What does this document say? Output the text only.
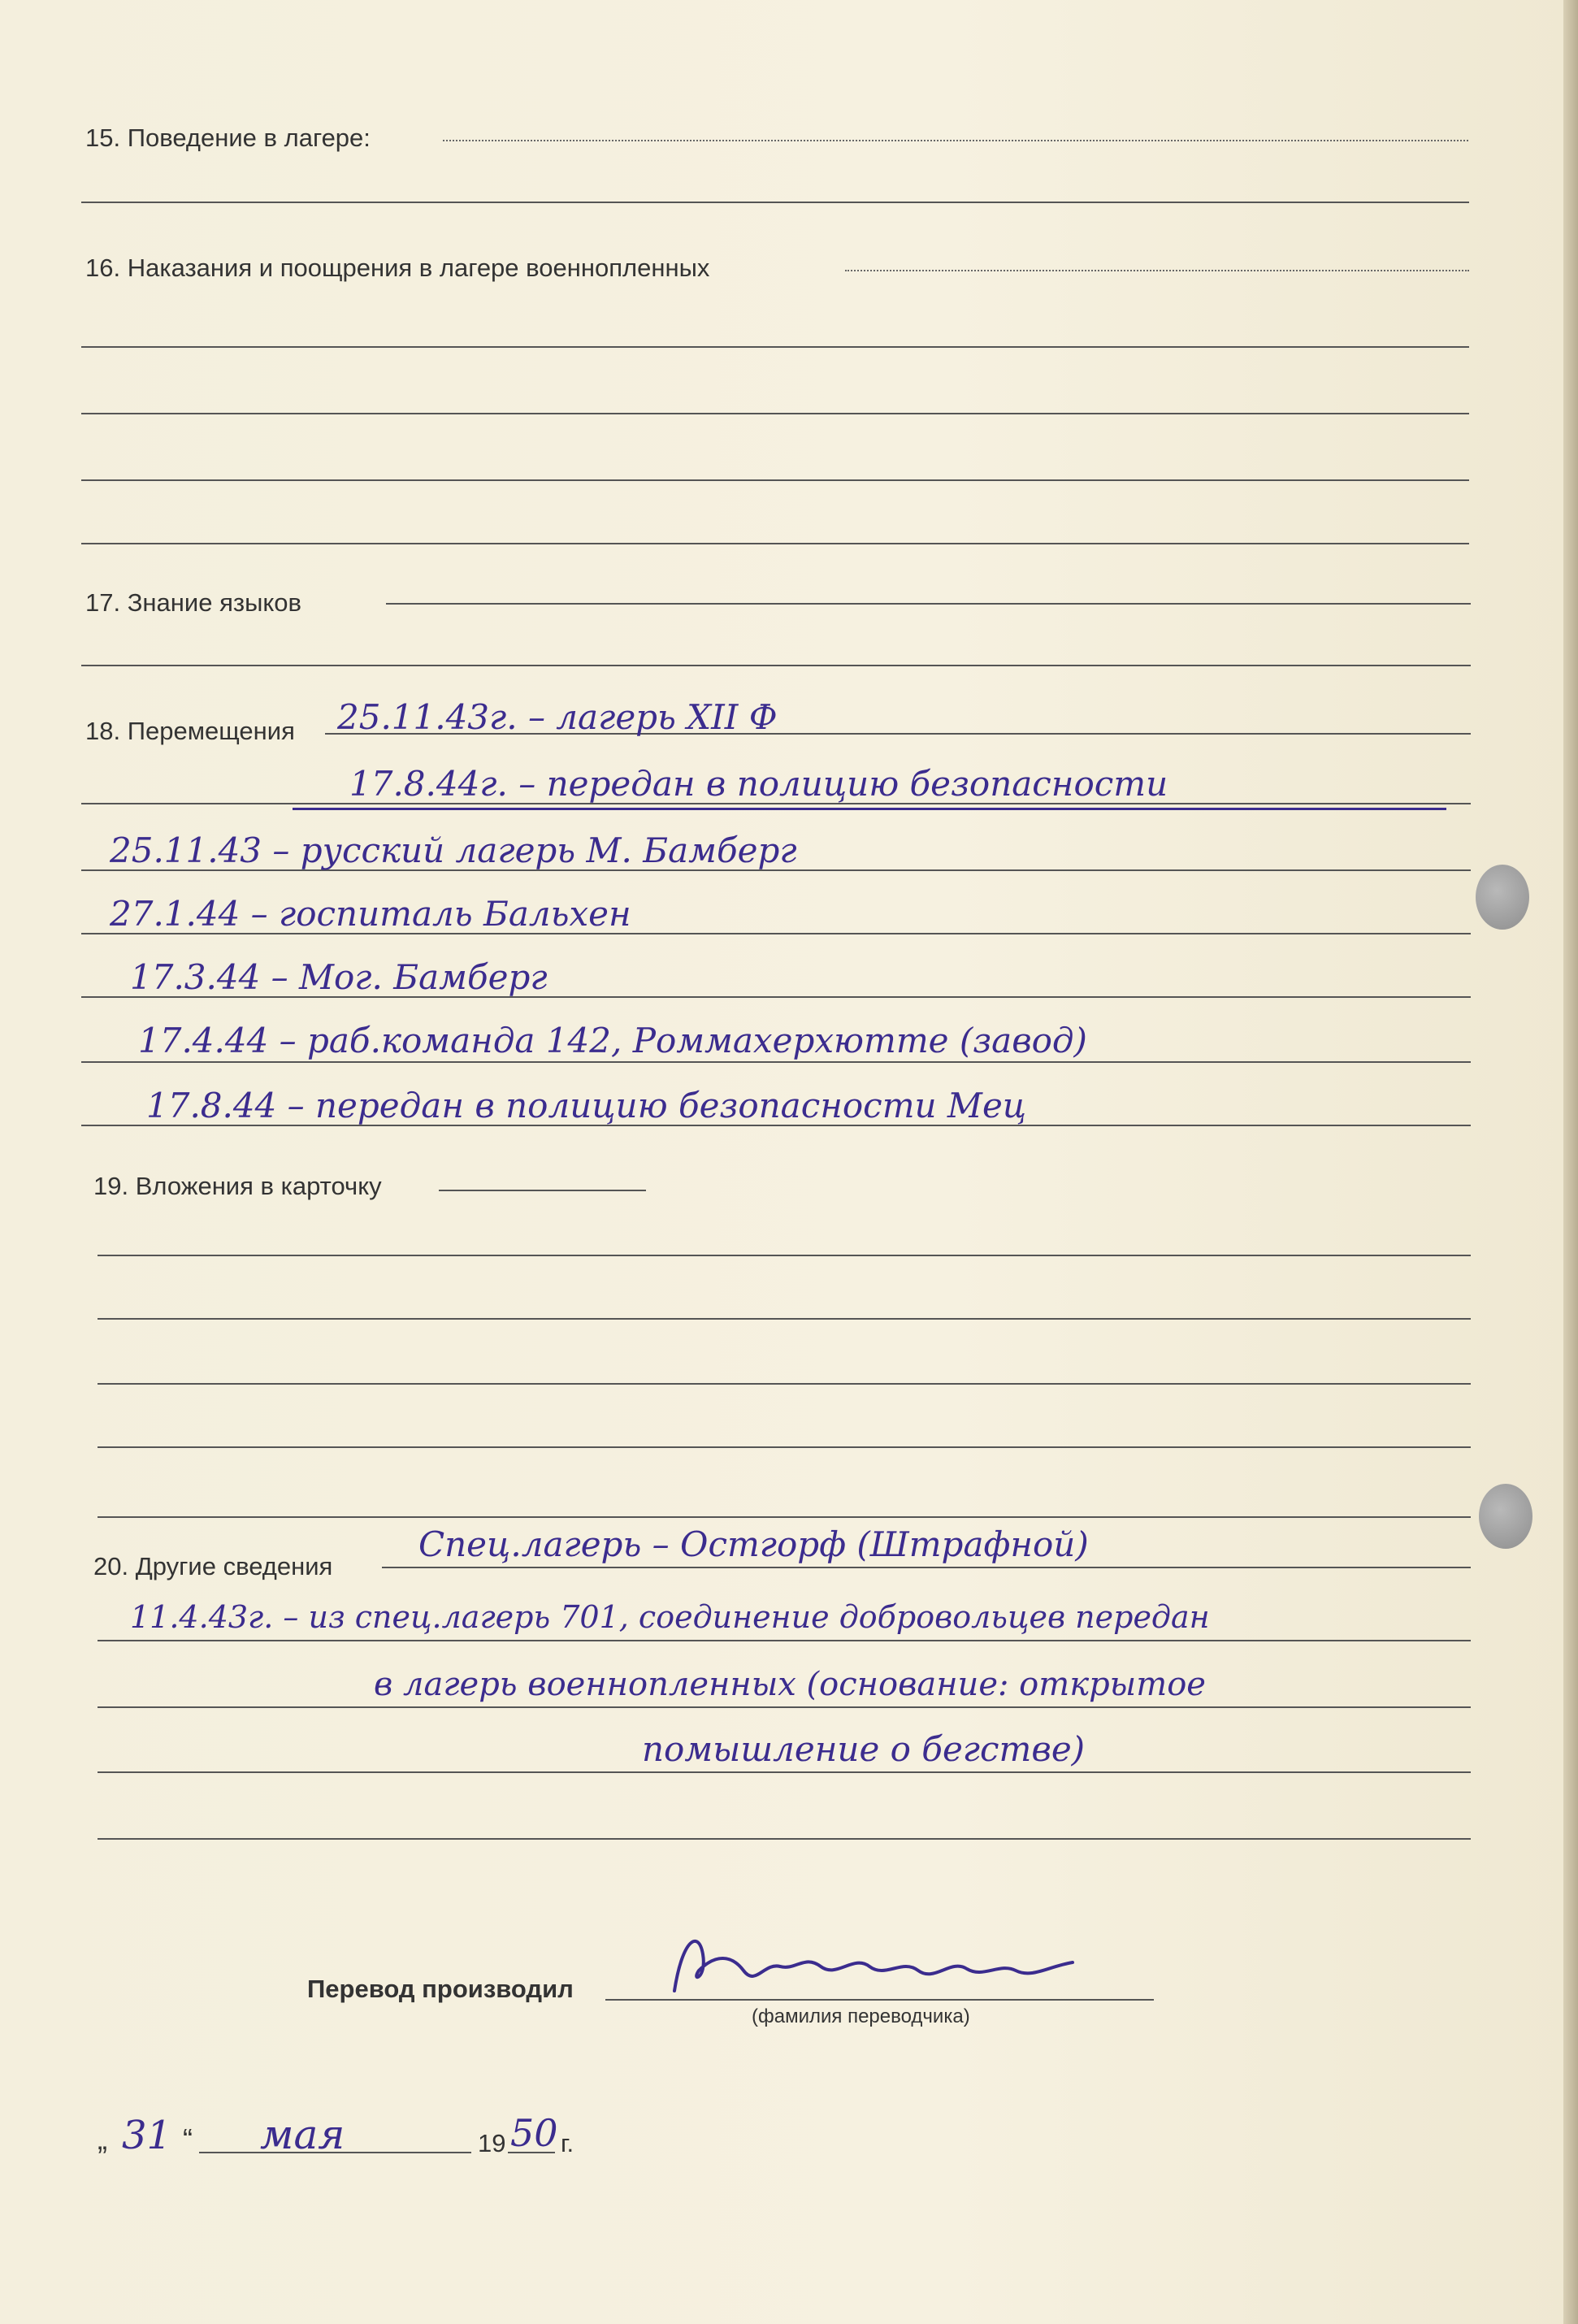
15. Поведение в лагере:
16. Наказания и поощрения в лагере военнопленных
17. Знание языков
18. Перемещения 25.11.43г. – лагерь XII Ф
17.8.44г. – передан в полицию безопасности
25.11.43 – русский лагерь М. Бамберг
27.1.44 – госпиталь Бальхен
17.3.44 – Мог. Бамберг
17.4.44 – раб.команда 142, Роммахерхютте (завод)
17.8.44 – передан в полицию безопасности Мец
19. Вложения в карточку
20. Другие сведения
Спец.лагерь – Остгорф (Штрафной)
11.4.43г. – из спец.лагерь 701, соединение добровольцев передан
в лагерь военнопленных (основание: открытое
помышление о бегстве)
Перевод производил
(фамилия переводчика)
„ 31 “ мая	19 50 г.
